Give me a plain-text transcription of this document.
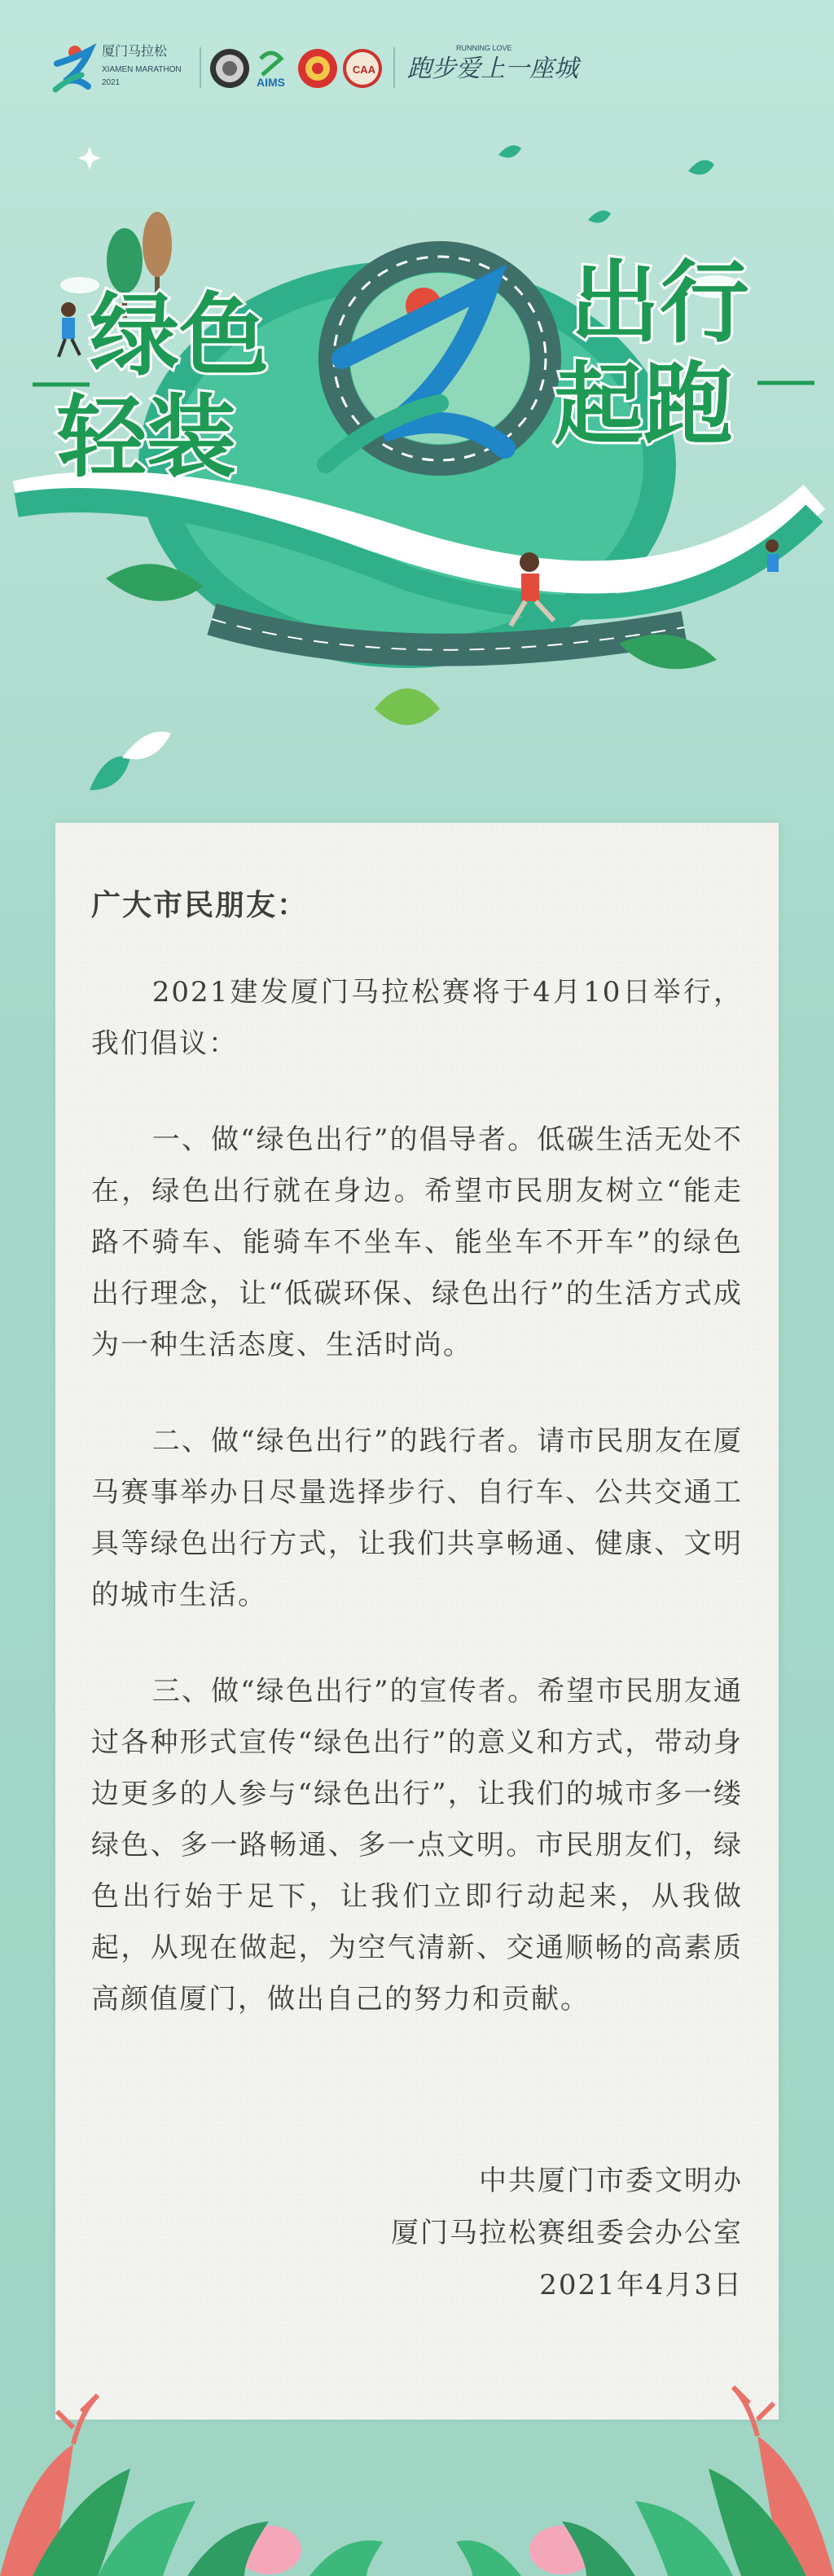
厦门马拉松
XIAMEN MARATHON
2021	AIMS
CAA 跑步爱上一座城
RUNNING LOVE
绿色
轻装
出行
起跑

广大市民朋友：

2021建发厦门马拉松赛将于4月10日举行，我们倡议：

一、做“绿色出行”的倡导者。低碳生活无处不在，绿色出行就在身边。希望市民朋友树立“能走路不骑车、能骑车不坐车、能坐车不开车”的绿色出行理念，让“低碳环保、绿色出行”的生活方式成为一种生活态度、生活时尚。

二、做“绿色出行”的践行者。请市民朋友在厦马赛事举办日尽量选择步行、自行车、公共交通工具等绿色出行方式，让我们共享畅通、健康、文明的城市生活。

三、做“绿色出行”的宣传者。希望市民朋友通过各种形式宣传“绿色出行”的意义和方式，带动身边更多的人参与“绿色出行”，让我们的城市多一缕绿色、多一路畅通、多一点文明。市民朋友们，绿色出行始于足下，让我们立即行动起来，从我做起，从现在做起，为空气清新、交通顺畅的高素质高颜值厦门，做出自己的努力和贡献。

中共厦门市委文明办
厦门马拉松赛组委会办公室
2021年4月3日
